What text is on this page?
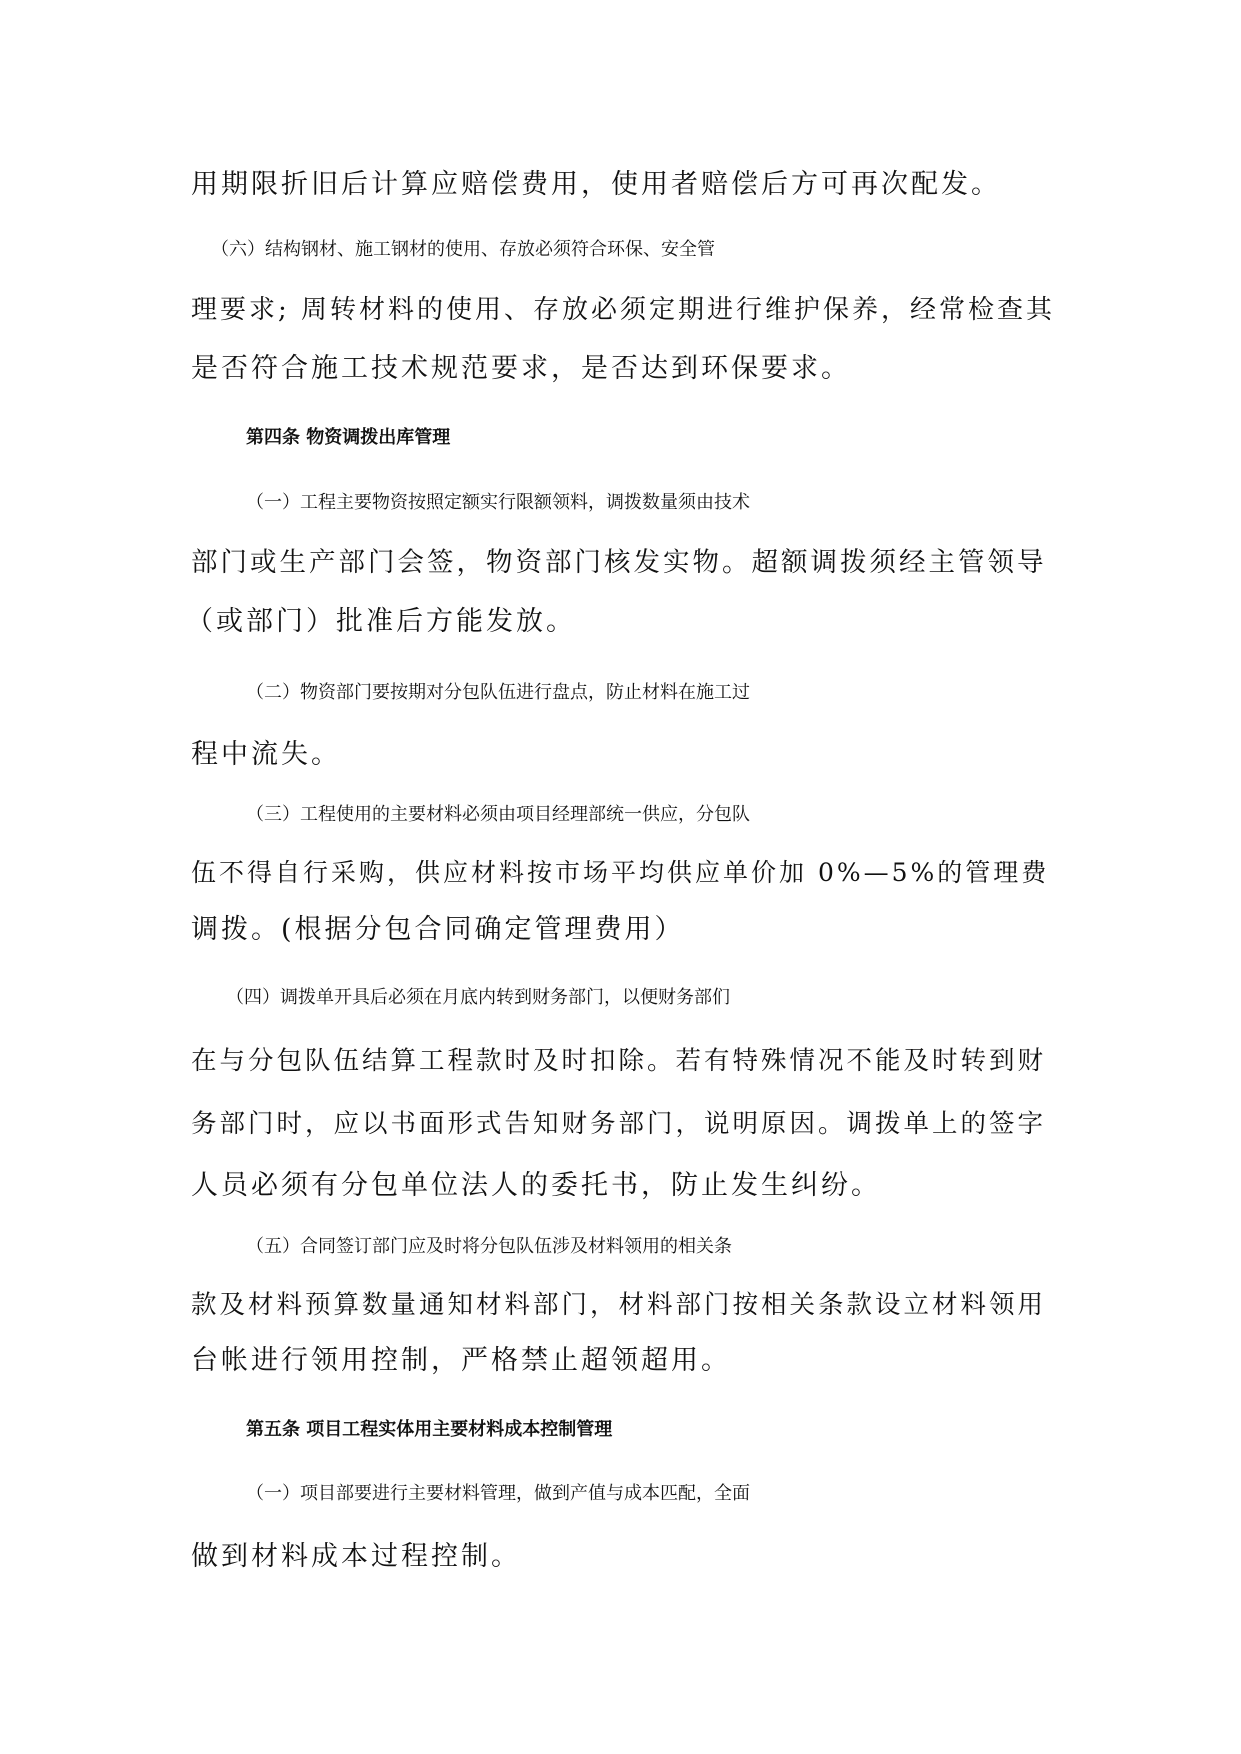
用期限折旧后计算应赔偿费用，使用者赔偿后方可再次配发。
（六）结构钢材、施工钢材的使用、存放必须符合环保、安全管
理要求; 周转材料的使用、存放必须定期进行维护保养，经常检查其
是否符合施工技术规范要求，是否达到环保要求。
第四条 物资调拨出库管理
（一）工程主要物资按照定额实行限额领料，调拨数量须由技术
部门或生产部门会签，物资部门核发实物。超额调拨须经主管领导
（或部门）批准后方能发放。
（二）物资部门要按期对分包队伍进行盘点，防止材料在施工过
程中流失。
（三）工程使用的主要材料必须由项目经理部统一供应，分包队
伍不得自行采购，供应材料按市场平均供应单价加 0%—5%的管理费
调拨。(根据分包合同确定管理费用）
（四）调拨单开具后必须在月底内转到财务部门，以便财务部们
在与分包队伍结算工程款时及时扣除。若有特殊情况不能及时转到财
务部门时，应以书面形式告知财务部门，说明原因。调拨单上的签字
人员必须有分包单位法人的委托书，防止发生纠纷。
（五）合同签订部门应及时将分包队伍涉及材料领用的相关条
款及材料预算数量通知材料部门，材料部门按相关条款设立材料领用
台帐进行领用控制，严格禁止超领超用。
第五条 项目工程实体用主要材料成本控制管理
（一）项目部要进行主要材料管理，做到产值与成本匹配，全面
做到材料成本过程控制。
